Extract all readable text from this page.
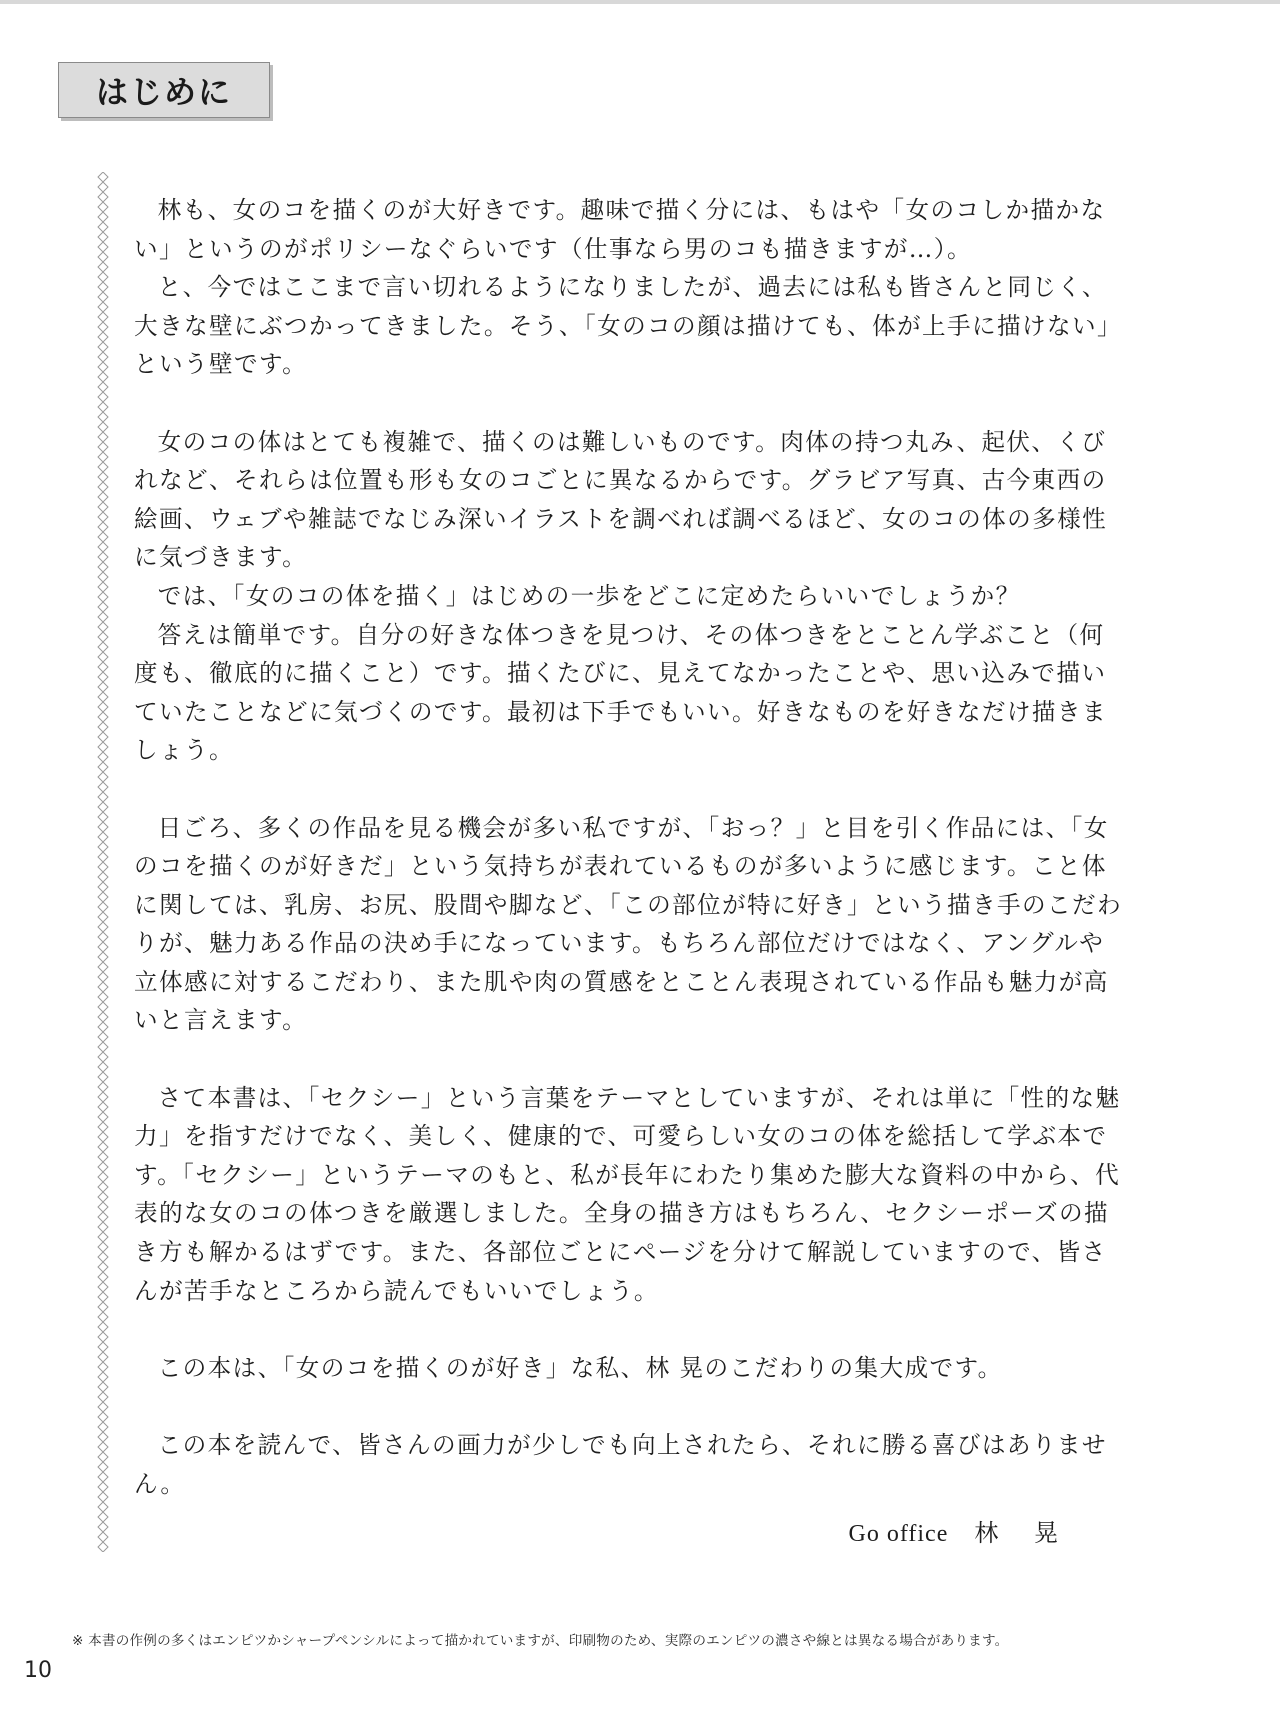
はじめに

林も、女のコを描くのが大好きです。趣味で描く分には、もはや「女のコしか描かない」というのがポリシーなぐらいです（仕事なら男のコも描きますが…）。

と、今ではここまで言い切れるようになりましたが、過去には私も皆さんと同じく、大きな壁にぶつかってきました。そう、「女のコの顔は描けても、体が上手に描けない」という壁です。

女のコの体はとても複雑で、描くのは難しいものです。肉体の持つ丸み、起伏、くびれなど、それらは位置も形も女のコごとに異なるからです。グラビア写真、古今東西の絵画、ウェブや雑誌でなじみ深いイラストを調べれば調べるほど、女のコの体の多様性に気づきます。

では、「女のコの体を描く」はじめの一歩をどこに定めたらいいでしょうか？

答えは簡単です。自分の好きな体つきを見つけ、その体つきをとことん学ぶこと（何度も、徹底的に描くこと）です。描くたびに、見えてなかったことや、思い込みで描いていたことなどに気づくのです。最初は下手でもいい。好きなものを好きなだけ描きましょう。

日ごろ、多くの作品を見る機会が多い私ですが、「おっ？」と目を引く作品には、「女のコを描くのが好きだ」という気持ちが表れているものが多いように感じます。こと体に関しては、乳房、お尻、股間や脚など、「この部位が特に好き」という描き手のこだわりが、魅力ある作品の決め手になっています。もちろん部位だけではなく、アングルや立体感に対するこだわり、また肌や肉の質感をとことん表現されている作品も魅力が高いと言えます。

さて本書は、「セクシー」という言葉をテーマとしていますが、それは単に「性的な魅力」を指すだけでなく、美しく、健康的で、可愛らしい女のコの体を総括して学ぶ本です。「セクシー」というテーマのもと、私が長年にわたり集めた膨大な資料の中から、代表的な女のコの体つきを厳選しました。全身の描き方はもちろん、セクシーポーズの描き方も解かるはずです。また、各部位ごとにページを分けて解説していますので、皆さんが苦手なところから読んでもいいでしょう。

この本は、「女のコを描くのが好き」な私、林 晃のこだわりの集大成です。

この本を読んで、皆さんの画力が少しでも向上されたら、それに勝る喜びはありません。

Go office 林 晃
※ 本書の作例の多くはエンピツかシャープペンシルによって描かれていますが、印刷物のため、実際のエンピツの濃さや線とは異なる場合があります。
10
